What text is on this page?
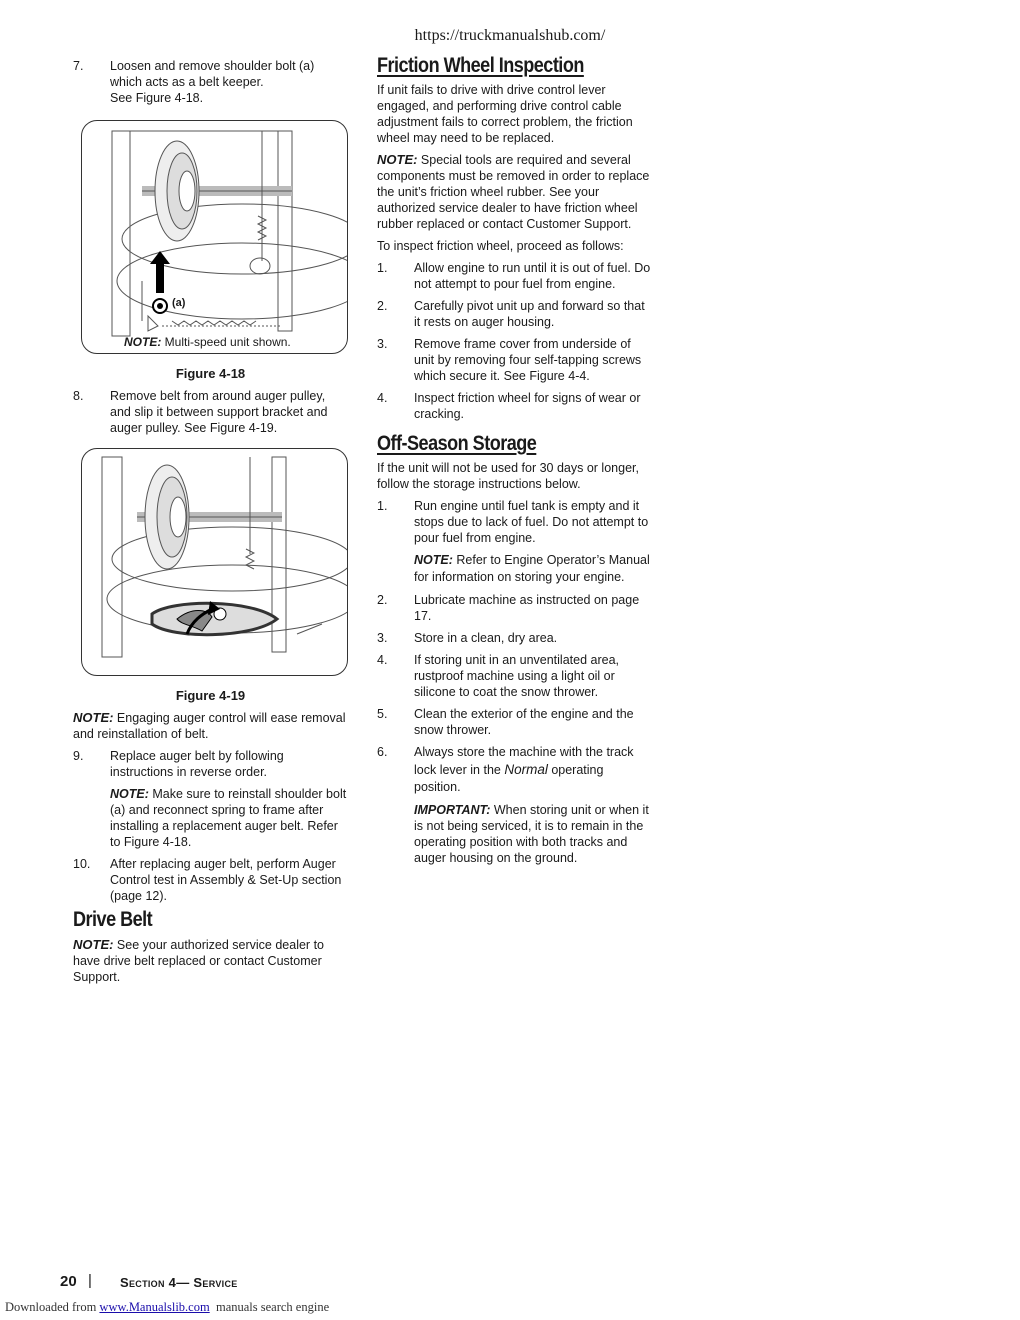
https://truckmanualshub.com/
7.	Loosen and remove shoulder bolt (a)
which acts as a belt keeper.
See Figure 4-18.
(a)
NOTE: Multi-speed unit shown.
Figure 4-18
8.	Remove belt from around auger pulley, and slip it between support bracket and auger pulley. See Figure 4-19.
Figure 4-19

NOTE: Engaging auger control will ease removal and reinstallation of belt.

9.	Replace auger belt by following instructions in reverse order.
NOTE: Make sure to reinstall shoulder bolt (a) and reconnect spring to frame after installing a replacement auger belt. Refer to Figure 4-18.
10.	After replacing auger belt, perform Auger Control test in Assembly & Set-Up section (page 12).
Drive Belt

NOTE: See your authorized service dealer to have drive belt replaced or contact Customer Support.

Friction Wheel Inspection

If unit fails to drive with drive control lever engaged, and performing drive control cable adjustment fails to correct problem, the friction wheel may need to be replaced.

NOTE: Special tools are required and several components must be removed in order to replace the unit’s friction wheel rubber. See your authorized service dealer to have friction wheel rubber replaced or contact Customer Support.

To inspect friction wheel, proceed as follows:

1.	Allow engine to run until it is out of fuel. Do not attempt to pour fuel from engine.
2.	Carefully pivot unit up and forward so that it rests on auger housing.
3.	Remove frame cover from underside of unit by removing four self-tapping screws which secure it. See Figure 4-4.
4.	Inspect friction wheel for signs of wear or cracking.
Off-Season Storage

If the unit will not be used for 30 days or longer, follow the storage instructions below.

1.	Run engine until fuel tank is empty and it stops due to lack of fuel. Do not attempt to pour fuel from engine.
NOTE: Refer to Engine Operator’s Manual for information on storing your engine.
2.	Lubricate machine as instructed on page 17.
3.	Store in a clean, dry area.
4.	If storing unit in an unventilated area, rustproof machine using a light oil or silicone to coat the snow thrower.
5.	Clean the exterior of the engine and the snow thrower.
6.	Always store the machine with the track lock lever in the Normal operating position.
IMPORTANT: When storing unit or when it is not being serviced, it is to remain in the operating position with both tracks and auger housing on the ground.
20 | Section 4— Service
Downloaded from www.Manualslib.com  manuals search engine
